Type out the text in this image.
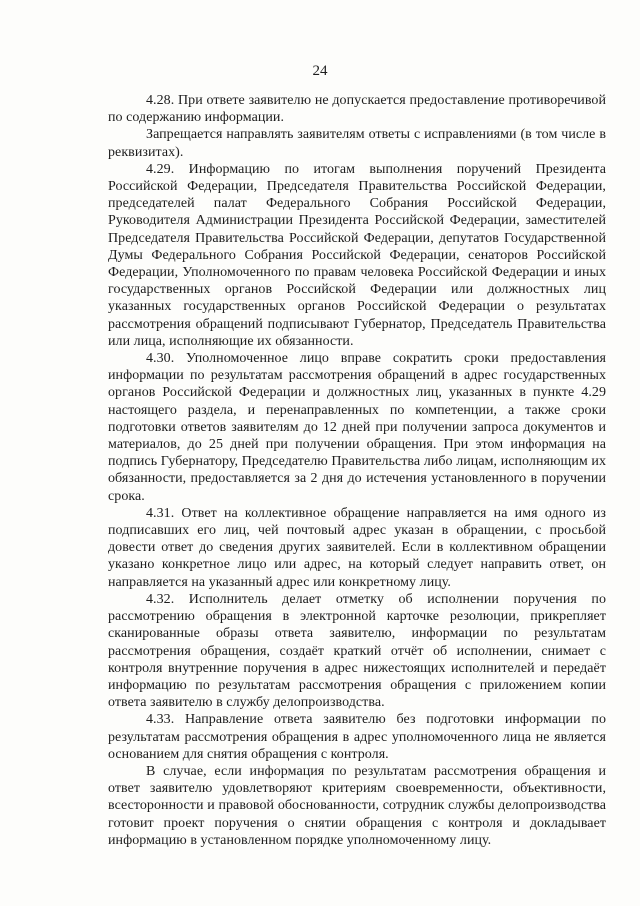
24

4.28. При ответе заявителю не допускается предоставление противоречивой по содержанию информации.

Запрещается направлять заявителям ответы с исправлениями (в том числе в реквизитах).

4.29. Информацию по итогам выполнения поручений Президента Российской Федерации, Председателя Правительства Российской Федерации, председателей палат Федерального Собрания Российской Федерации, Руководителя Администрации Президента Российской Федерации, заместителей Председателя Правительства Российской Федерации, депутатов Государственной Думы Федерального Собрания Российской Федерации, сенаторов Российской Федерации, Уполномоченного по правам человека Российской Федерации и иных государственных органов Российской Федерации или должностных лиц указанных государственных органов Российской Федерации о результатах рассмотрения обращений подписывают Губернатор, Председатель Правительства или лица, исполняющие их обязанности.

4.30. Уполномоченное лицо вправе сократить сроки предоставления информации по результатам рассмотрения обращений в адрес государственных органов Российской Федерации и должностных лиц, указанных в пункте 4.29 настоящего раздела, и перенаправленных по компетенции, а также сроки подготовки ответов заявителям до 12 дней при получении запроса документов и материалов, до 25 дней при получении обращения. При этом информация на подпись Губернатору, Председателю Правительства либо лицам, исполняющим их обязанности, предоставляется за 2 дня до истечения установленного в поручении срока.

4.31. Ответ на коллективное обращение направляется на имя одного из подписавших его лиц, чей почтовый адрес указан в обращении, с просьбой довести ответ до сведения других заявителей. Если в коллективном обращении указано конкретное лицо или адрес, на который следует направить ответ, он направляется на указанный адрес или конкретному лицу.

4.32. Исполнитель делает отметку об исполнении поручения по рассмотрению обращения в электронной карточке резолюции, прикрепляет сканированные образы ответа заявителю, информации по результатам рассмотрения обращения, создаёт краткий отчёт об исполнении, снимает с контроля внутренние поручения в адрес нижестоящих исполнителей и передаёт информацию по результатам рассмотрения обращения с приложением копии ответа заявителю в службу делопроизводства.

4.33. Направление ответа заявителю без подготовки информации по результатам рассмотрения обращения в адрес уполномоченного лица не является основанием для снятия обращения с контроля.

В случае, если информация по результатам рассмотрения обращения и ответ заявителю удовлетворяют критериям своевременности, объективности, всесторонности и правовой обоснованности, сотрудник службы делопроизводства готовит проект поручения о снятии обращения с контроля и докладывает информацию в установленном порядке уполномоченному лицу.
